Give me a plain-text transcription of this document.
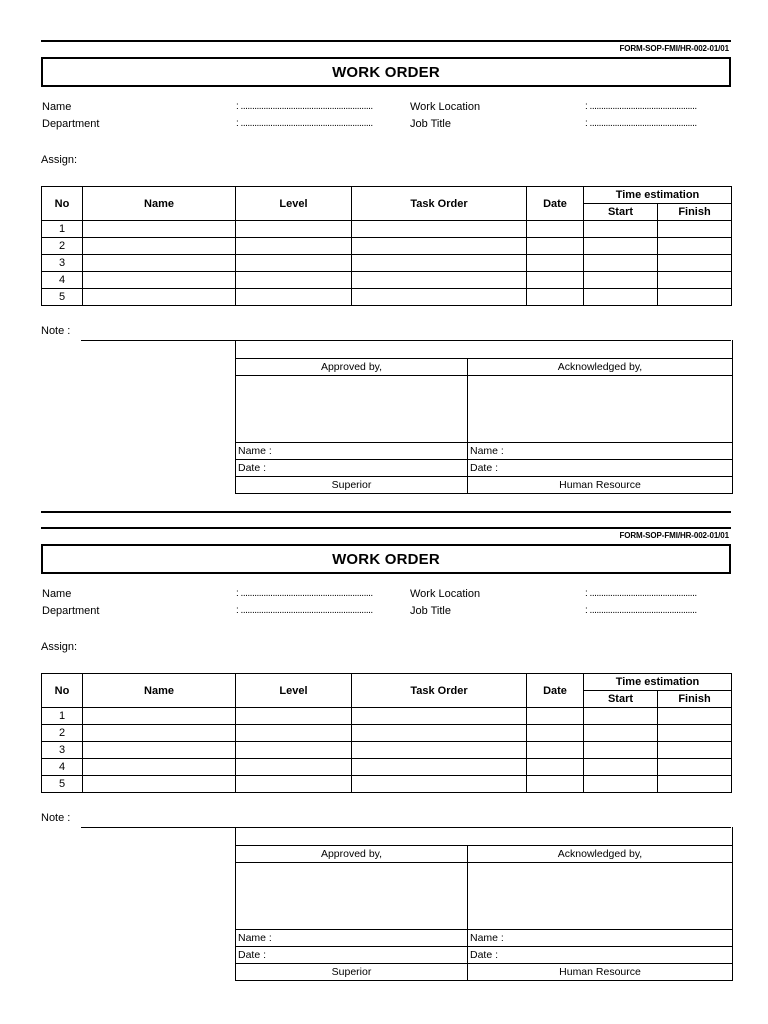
FORM-SOP-FMI/HR-002-01/01
WORK ORDER
Name	: ..........................................................	Work Location	: ...............................................
Department	: ..........................................................	Job Title	: ...............................................
Assign:
No	Name	Level	Task Order	Date	Time estimation	
					Start	Finish
1						
2						
3						
4						
5						
Note :
Approved by,	Acknowledged by,

Name :	Name :
Date :	Date :
Superior	Human Resource
FORM-SOP-FMI/HR-002-01/01
WORK ORDER
Name	: ..........................................................	Work Location	: ...............................................
Department	: ..........................................................	Job Title	: ...............................................
Assign:
No	Name	Level	Task Order	Date	Time estimation	
					Start	Finish
1						
2						
3						
4						
5						
Note :
Approved by,	Acknowledged by,

Name :	Name :
Date :	Date :
Superior	Human Resource
